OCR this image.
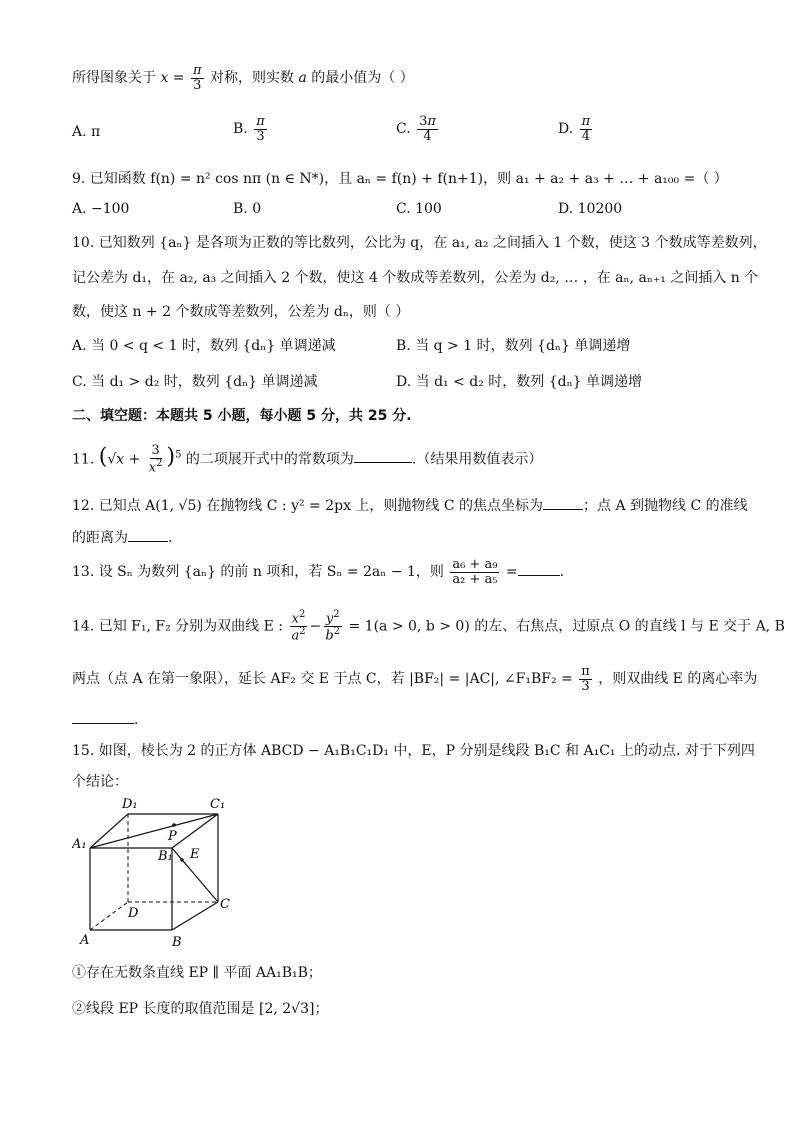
所得图象关于 $x = \frac{\pi}{3}$ 对称，则实数 a 的最小值为（ ）
A. π	B. $\frac{\pi}{3}$	C. $\frac{3\pi}{4}$	D. $\frac{\pi}{4}$
9. 已知函数 f(n) = n² cos nπ (n ∈ N*)，且 aₙ = f(n) + f(n+1)，则 a₁ + a₂ + a₃ + … + a₁₀₀ =（ ）
A. −100	B. 0	C. 100	D. 10200
10. 已知数列 {aₙ} 是各项为正数的等比数列，公比为 q，在 a₁, a₂ 之间插入 1 个数，使这 3 个数成等差数列，
记公差为 d₁，在 a₂, a₃ 之间插入 2 个数，使这 4 个数成等差数列，公差为 d₂, … ，在 aₙ, aₙ₊₁ 之间插入 n 个
数，使这 n + 2 个数成等差数列，公差为 dₙ，则（ ）
A. 当 0 < q < 1 时，数列 {dₙ} 单调递减	B. 当 q > 1 时，数列 {dₙ} 单调递增
C. 当 d₁ > d₂ 时，数列 {dₙ} 单调递减	D. 当 d₁ < d₂ 时，数列 {dₙ} 单调递增
二、填空题：本题共 5 小题，每小题 5 分，共 25 分.
11. $(√x + \frac{3}{x^2} )^5$ 的二项展开式中的常数项为	.（结果用数值表示）
12. 已知点 A(1, √5) 在抛物线 C : y² = 2px 上，则抛物线 C 的焦点坐标为	；点 A 到抛物线 C 的准线
的距离为	.
13. 设 Sₙ 为数列 {aₙ} 的前 n 项和，若 Sₙ = 2aₙ − 1，则 $\frac{\text{a₆ + a₉}}{\text{a₂ + a₅}}$ =	.
14. 已知 F₁, F₂ 分别为双曲线 E : $\frac{x^2}{a^2} - \frac{y^2}{b^2} = 1(a > 0$, b > 0) 的左、右焦点，过原点 O 的直线 l 与 E 交于 A, B
两点（点 A 在第一象限），延长 AF₂ 交 E 于点 C，若 |BF₂| = |AC|, ∠F₁BF₂ = $\frac{\pi}{3}$ ，则双曲线 E 的离心率为
.
15. 如图，棱长为 2 的正方体 ABCD − A₁B₁C₁D₁ 中，E，P 分别是线段 B₁C 和 A₁C₁ 上的动点. 对于下列四
个结论：
D₁	C₁
A₁
B₁
P
E
D
C
A	B
①存在无数条直线 EP ∥ 平面 AA₁B₁B；
②线段 EP 长度的取值范围是 [2, 2√3]；
